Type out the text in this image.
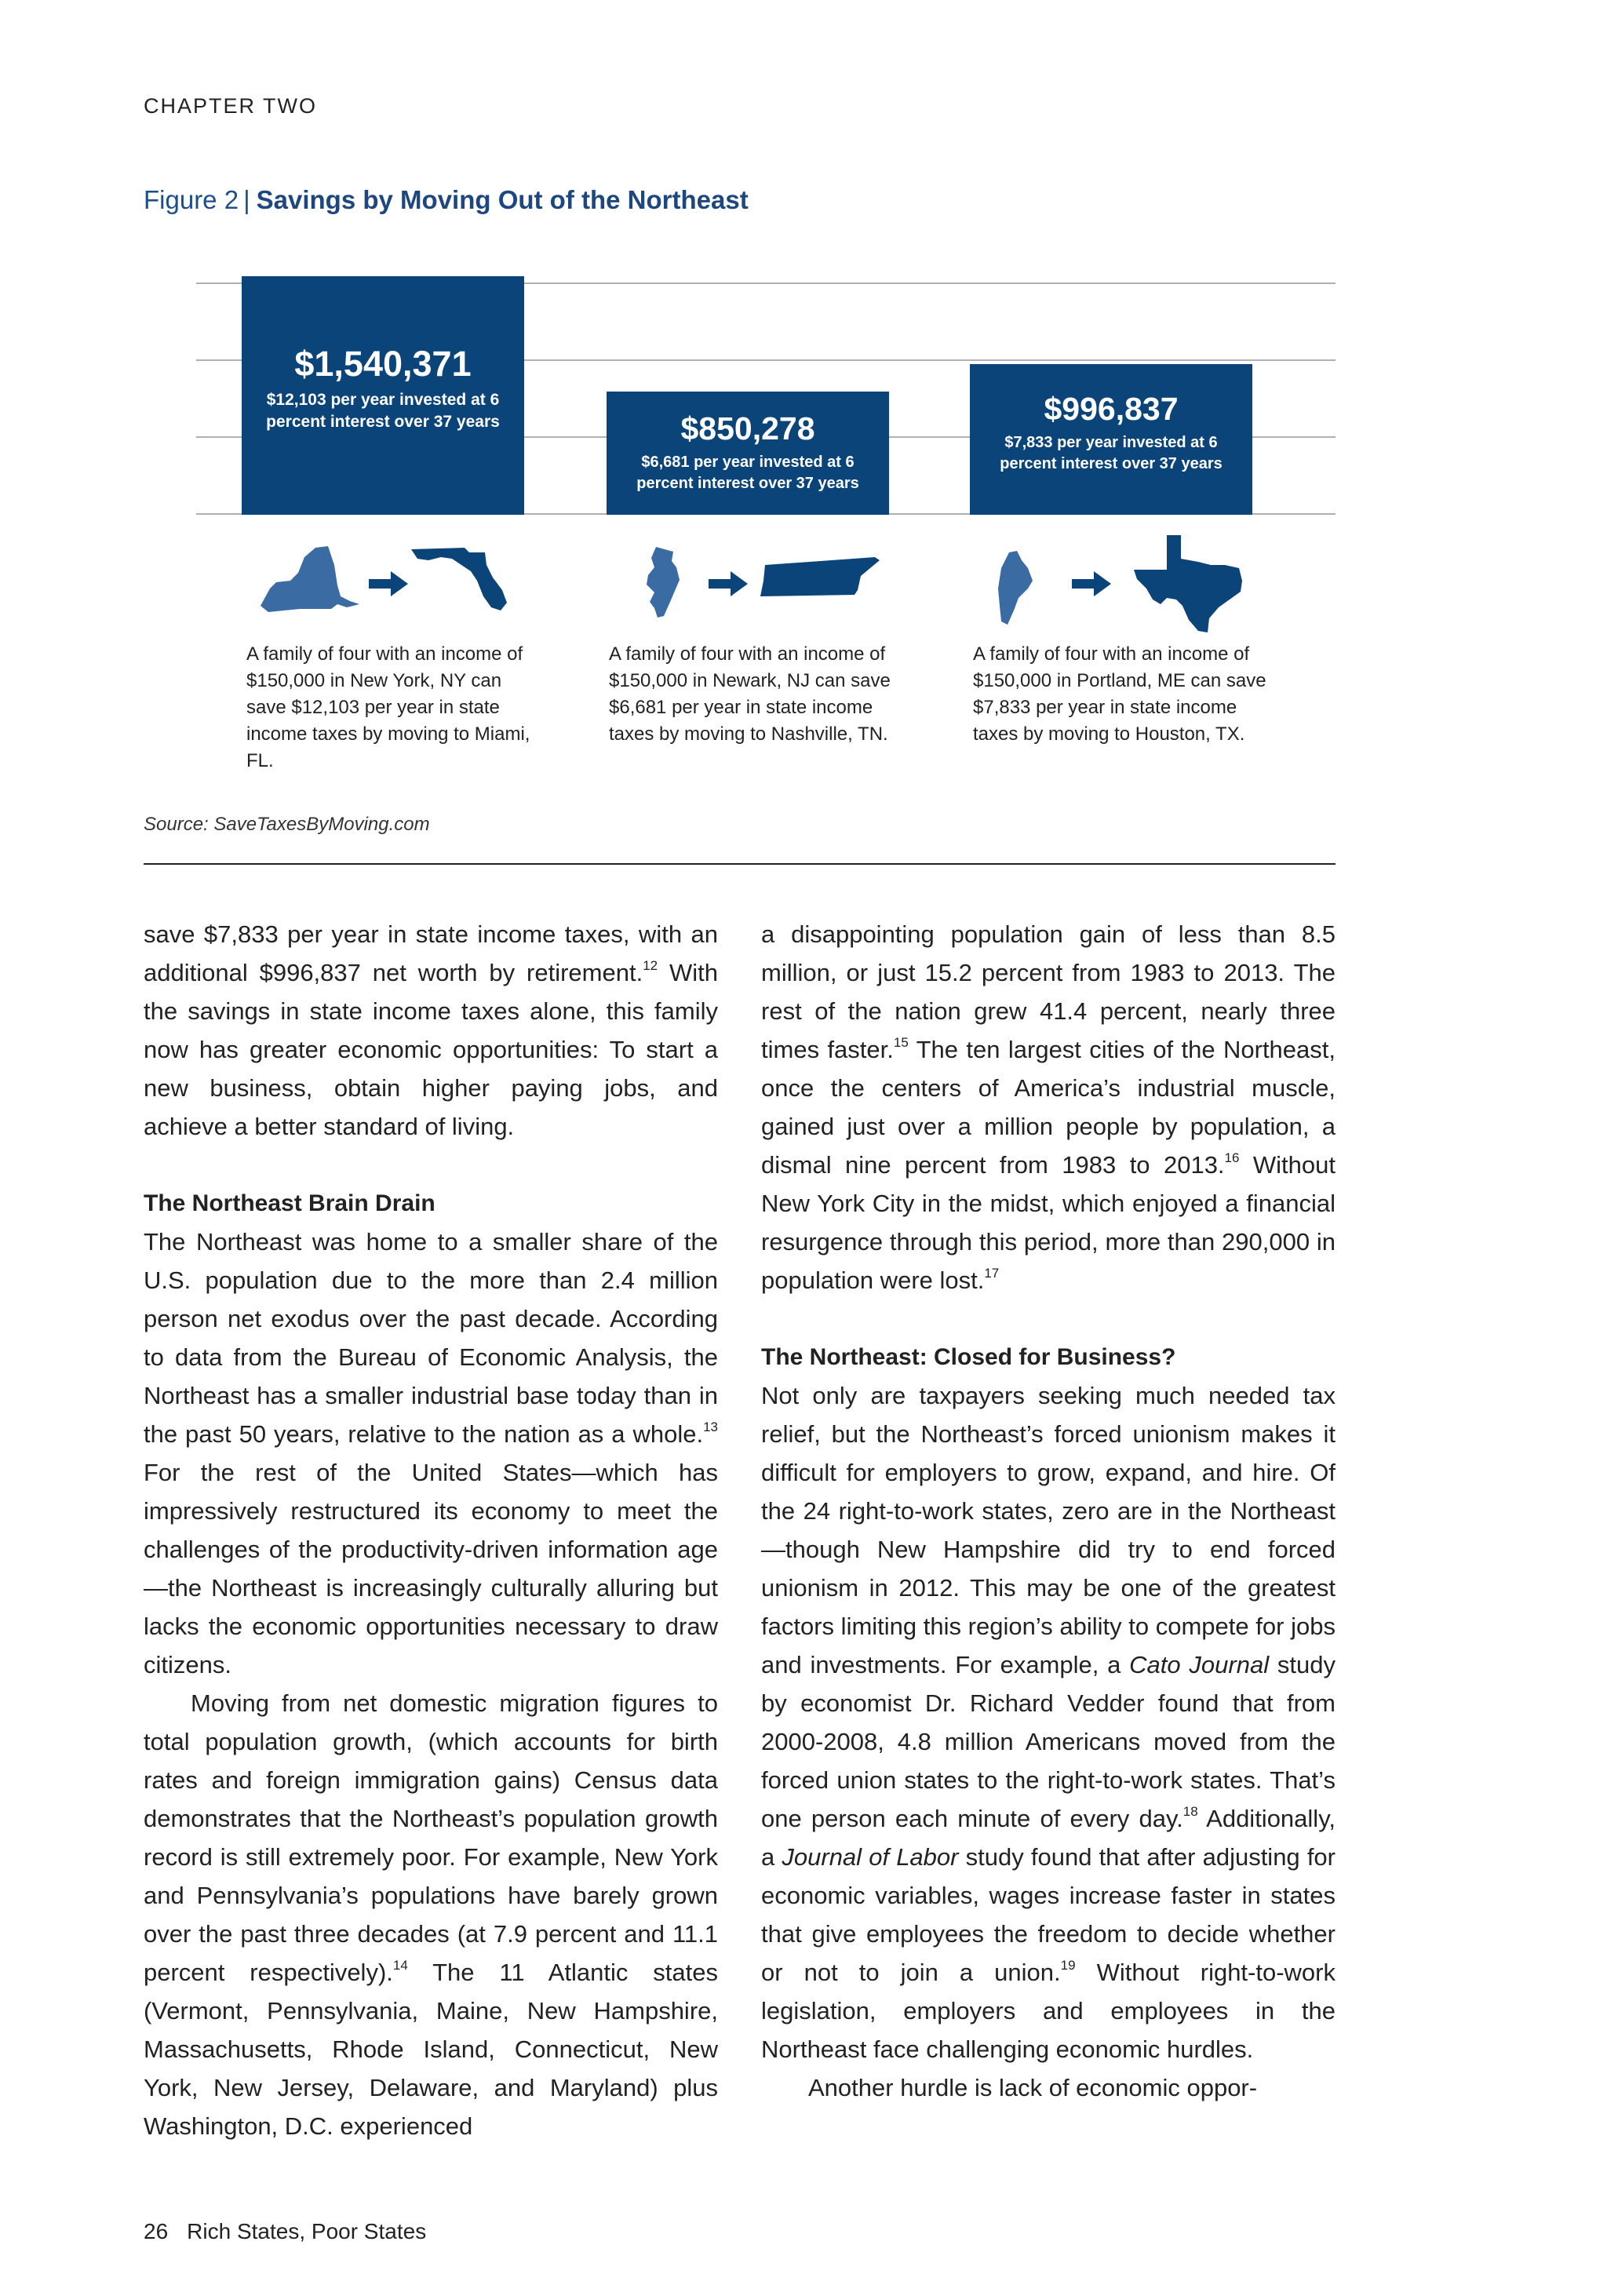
CHAPTER TWO
Figure 2 | Savings by Moving Out of the Northeast
$1,540,371
$12,103 per year invested at 6 percent interest over 37 years	$850,278
$6,681 per year invested at 6 percent interest over 37 years
$996,837
$7,833 per year invested at 6 percent interest over 37 years
A family of four with an income of $150,000 in New York, NY can save $12,103 per year in state income taxes by moving to Miami, FL.
A family of four with an income of $150,000 in Newark, NJ can save $6,681 per year in state income taxes by moving to Nashville, TN.
A family of four with an income of $150,000 in Portland, ME can save $7,833 per year in state income taxes by moving to Houston, TX.
Source: SaveTaxesByMoving.com

save $7,833 per year in state income taxes, with an additional $996,837 net worth by retirement.$^{12}$ With the savings in state income taxes alone, this family now has greater economic opportunities: To start a new business, obtain higher paying jobs, and achieve a better standard of living.

The Northeast Brain Drain

The Northeast was home to a smaller share of the U.S. population due to the more than 2.4 million person net exodus over the past decade. According to data from the Bureau of Economic Analysis, the Northeast has a smaller industrial base today than in the past 50 years, relative to the nation as a whole.$^{13}$ For the rest of the United States—which has impressively restructured its economy to meet the challenges of the productivity-driven information age—the Northeast is increasingly culturally alluring but lacks the economic opportunities necessary to draw citizens.

Moving from net domestic migration figures to total population growth, (which accounts for birth rates and foreign immigration gains) Census data demonstrates that the Northeast’s population growth record is still extremely poor. For example, New York and Pennsylvania’s populations have barely grown over the past three decades (at 7.9 percent and 11.1 percent respectively).$^{14}$ The 11 Atlantic states (Vermont, Pennsylvania, Maine, New Hampshire, Massachusetts, Rhode Island, Connecticut, New York, New Jersey, Delaware, and Maryland) plus Washington, D.C. experienced

a disappointing population gain of less than 8.5 million, or just 15.2 percent from 1983 to 2013. The rest of the nation grew 41.4 percent, nearly three times faster.$^{15}$ The ten largest cities of the Northeast, once the centers of America’s industrial muscle, gained just over a million people by population, a dismal nine percent from 1983 to 2013.16 Without New York City in the midst, which enjoyed a financial resurgence through this period, more than 290,000 in population were lost.$^{17}$

The Northeast: Closed for Business?

Not only are taxpayers seeking much needed tax relief, but the Northeast’s forced unionism makes it difficult for employers to grow, expand, and hire. Of the 24 right-to-work states, zero are in the Northeast—though New Hampshire did try to end forced unionism in 2012. This may be one of the greatest factors limiting this region’s ability to compete for jobs and investments. For example, a Cato Journal study by economist Dr. Richard Vedder found that from 2000-2008, 4.8 million Americans moved from the forced union states to the right-to-work states. That’s one person each minute of every day.$^{18}$ Additionally, a Journal of Labor study found that after adjusting for economic variables, wages increase faster in states that give employees the freedom to decide whether or not to join a union.$^{19}$ Without right-to-work legislation, employers and employees in the Northeast face challenging economic hurdles.

Another hurdle is lack of economic oppor-

26 Rich States, Poor States
